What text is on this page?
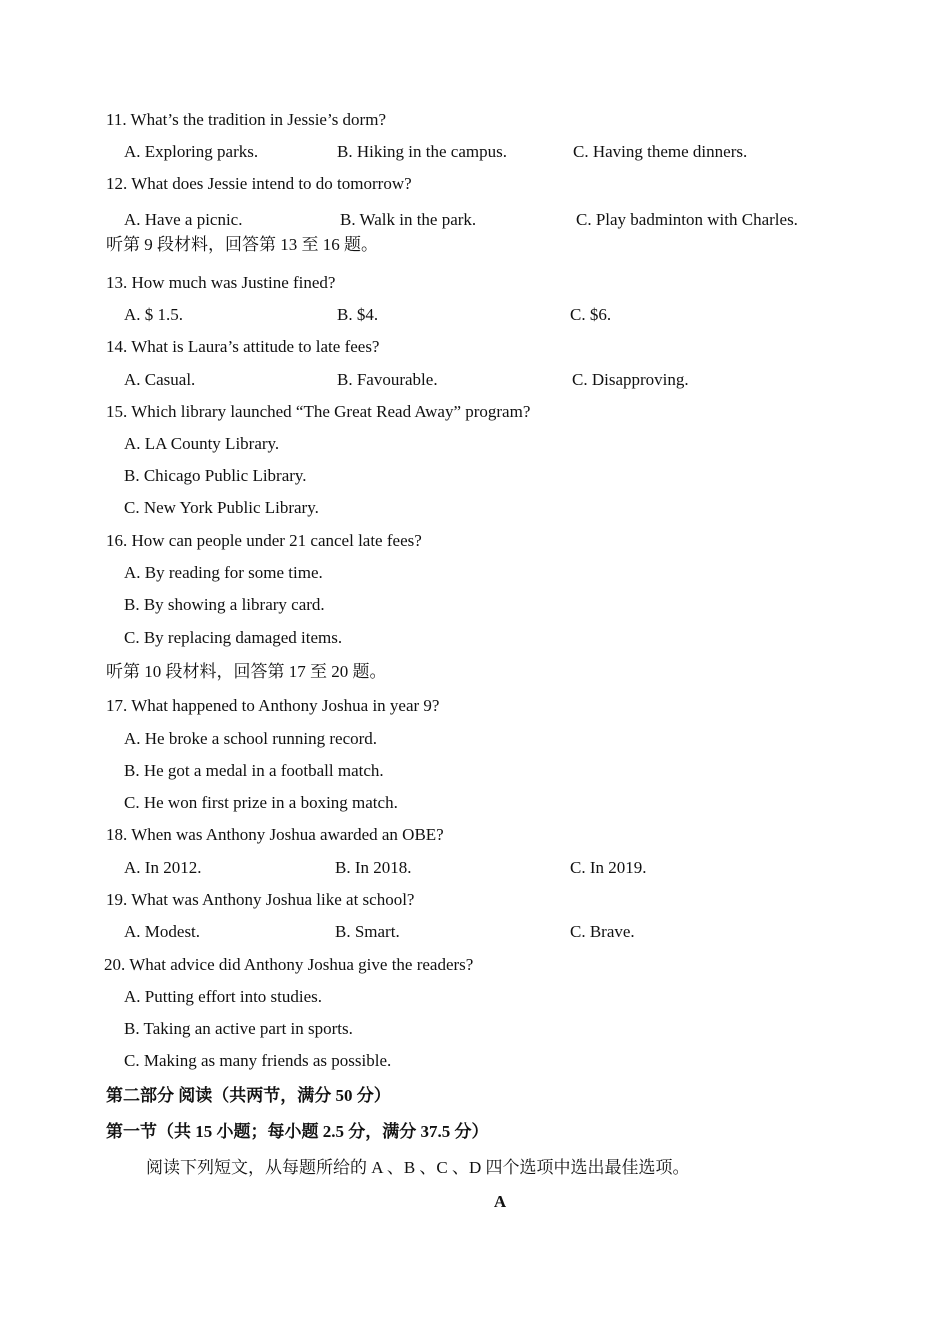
11. What’s the tradition in Jessie’s dorm?
A. Exploring parks.	B. Hiking in the campus.	C. Having theme dinners.
12. What does Jessie intend to do tomorrow?
A. Have a picnic.	B. Walk in the park.	C. Play badminton with Charles.
听第 9 段材料，回答第 13 至 16 题。
13. How much was Justine fined?
A. $ 1.5.	B. $4.	C. $6.
14. What is Laura’s attitude to late fees?
A. Casual.	B. Favourable.	C. Disapproving.
15. Which library launched “The Great Read Away” program?
A. LA County Library.
B. Chicago Public Library.
C. New York Public Library.
16. How can people under 21 cancel late fees?
A. By reading for some time.
B. By showing a library card.
C. By replacing damaged items.
听第 10 段材料，回答第 17 至 20 题。
17. What happened to Anthony Joshua in year 9?
A. He broke a school running record.
B. He got a medal in a football match.
C. He won first prize in a boxing match.
18. When was Anthony Joshua awarded an OBE?
A. In 2012.	B. In 2018.	C. In 2019.
19. What was Anthony Joshua like at school?
A. Modest.	B. Smart.	C. Brave.
20. What advice did Anthony Joshua give the readers?
A. Putting effort into studies.
B. Taking an active part in sports.
C. Making as many friends as possible.
第二部分 阅读（共两节，满分 50 分）
第一节（共 15 小题；每小题 2.5 分，满分 37.5 分）
阅读下列短文，从每题所给的 A 、B 、C 、D 四个选项中选出最佳选项。
A
